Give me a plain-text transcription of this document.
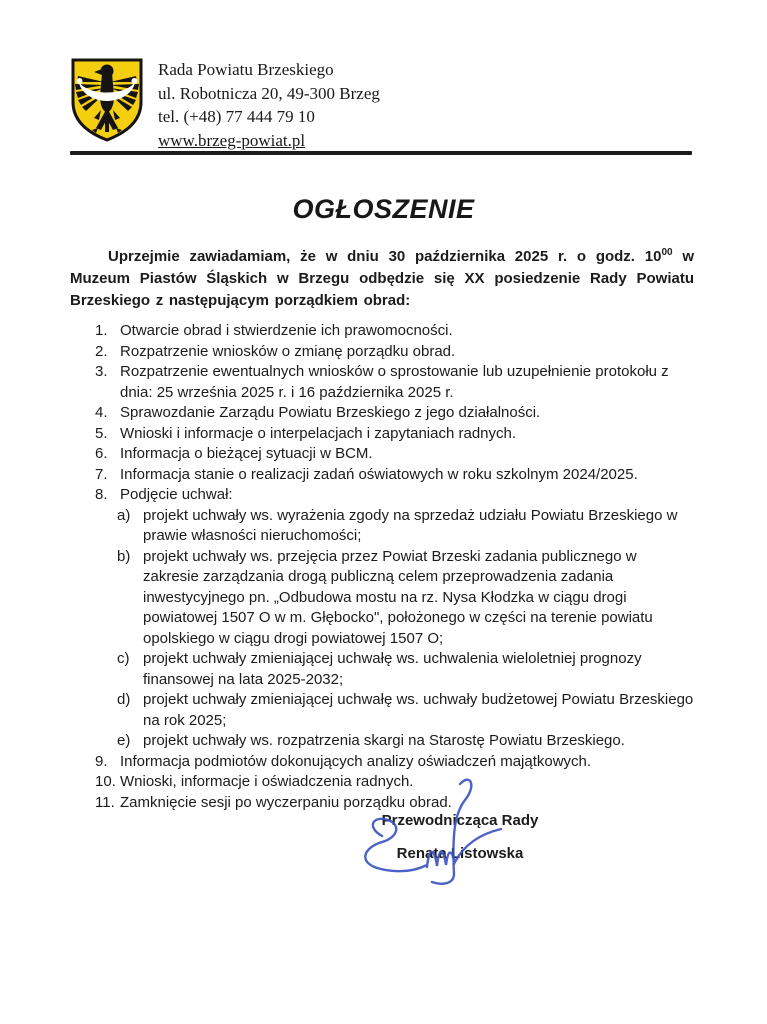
Rada Powiatu Brzeskiego
ul. Robotnicza 20, 49-300 Brzeg
tel. (+48) 77 444 79 10
www.brzeg-powiat.pl
OGŁOSZENIE

Uprzejmie zawiadamiam, że w dniu 30 października 2025 r. o godz. $10^{00}$ w Muzeum Piastów Śląskich w Brzegu odbędzie się XX posiedzenie Rady Powiatu Brzeskiego z następującym porządkiem obrad:

1. Otwarcie obrad i stwierdzenie ich prawomocności.
2. Rozpatrzenie wniosków o zmianę porządku obrad.
3. Rozpatrzenie ewentualnych wniosków o sprostowanie lub uzupełnienie protokołu z dnia: 25 września 2025 r. i 16 października 2025 r.
4. Sprawozdanie Zarządu Powiatu Brzeskiego z jego działalności.
5. Wnioski i informacje o interpelacjach i zapytaniach radnych.
6. Informacja o bieżącej sytuacji w BCM.
7. Informacja stanie o realizacji zadań oświatowych w roku szkolnym 2024/2025.
8. Podjęcie uchwał:
a) projekt uchwały ws. wyrażenia zgody na sprzedaż udziału Powiatu Brzeskiego w prawie własności nieruchomości;
b) projekt uchwały ws. przejęcia przez Powiat Brzeski zadania publicznego w zakresie zarządzania drogą publiczną celem przeprowadzenia zadania inwestycyjnego pn. „Odbudowa mostu na rz. Nysa Kłodzka w ciągu drogi powiatowej 1507 O w m. Głębocko", położonego w części na terenie powiatu opolskiego w ciągu drogi powiatowej 1507 O;
c) projekt uchwały zmieniającej uchwałę ws. uchwalenia wieloletniej prognozy finansowej na lata 2025-2032;
d) projekt uchwały zmieniającej uchwałę ws. uchwały budżetowej Powiatu Brzeskiego na rok 2025;
e) projekt uchwały ws. rozpatrzenia skargi na Starostę Powiatu Brzeskiego.
9. Informacja podmiotów dokonujących analizy oświadczeń majątkowych.
10. Wnioski, informacje i oświadczenia radnych.
11. Zamknięcie sesji po wyczerpaniu porządku obrad.
Przewodnicząca Rady
Renata Listowska
